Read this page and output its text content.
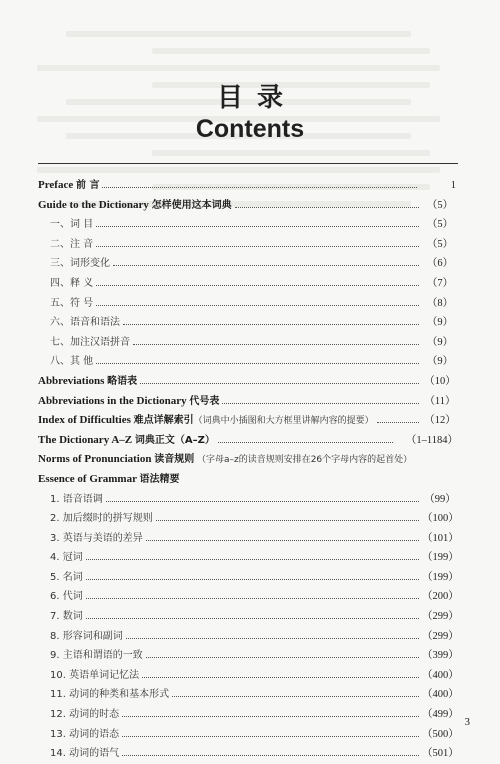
目录

Contents

Preface 前 言	1
Guide to the Dictionary 怎样使用这本词典	（5）
一、词 目	（5）
二、注 音	（5）
三、词形变化	（6）
四、释 义	（7）
五、符 号	（8）
六、语音和语法	（9）
七、加注汉语拼音	（9）
八、其 他	（9）
Abbreviations 略语表	（10）
Abbreviations in the Dictionary 代号表	（11）
Index of Difficulties 难点详解索引（词典中小插图和大方框里讲解内容的提要）	（12）
The Dictionary A–Z 词典正文（A–Z）	（1–1184）
Norms of Pronunciation 读音规则 （字母a–z的读音规则安排在26个字母内容的起首处）
Essence of Grammar 语法精要
1. 语音语调	（99）
2. 加后缀时的拼写规则	（100）
3. 英语与美语的差异	（101）
4. 冠词	（199）
5. 名词	（199）
6. 代词	（200）
7. 数词	（299）
8. 形容词和副词	（299）
9. 主语和谓语的一致	（399）
10. 英语单词记忆法	（400）
11. 动词的种类和基本形式	（400）
12. 动词的时态	（499）
13. 动词的语态	（500）
14. 动词的语气	（501）
3
